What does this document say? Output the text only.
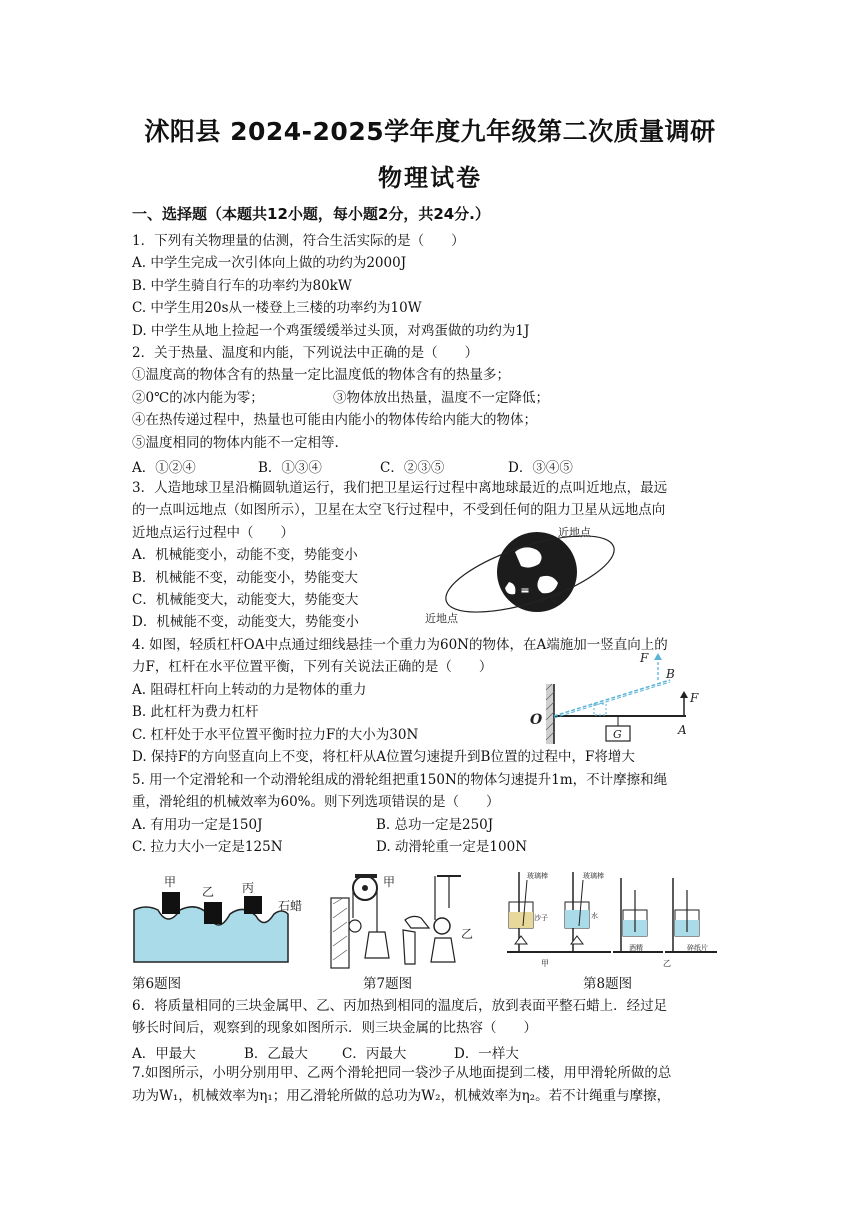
沭阳县 2024-2025学年度九年级第二次质量调研
物理试卷
一、选择题（本题共12小题，每小题2分，共24分.）
1．下列有关物理量的估测，符合生活实际的是（　　）
A. 中学生完成一次引体向上做的功约为2000J
B. 中学生骑自行车的功率约为80kW
C. 中学生用20s从一楼登上三楼的功率约为10W
D. 中学生从地上捡起一个鸡蛋缓缓举过头顶，对鸡蛋做的功约为1J
2．关于热量、温度和内能，下列说法中正确的是（　　）
①温度高的物体含有的热量一定比温度低的物体含有的热量多；
②0℃的冰内能为零；	③物体放出热量，温度不一定降低；
④在热传递过程中，热量也可能由内能小的物体传给内能大的物体；
⑤温度相同的物体内能不一定相等.
A．①②④	B．①③④	C．②③⑤	D．③④⑤
3．人造地球卫星沿椭圆轨道运行，我们把卫星运行过程中离地球最近的点叫近地点，最远
的一点叫远地点（如图所示），卫星在太空飞行过程中，不受到任何的阻力卫星从远地点向
近地点运行过程中（　　）
A．机械能变小，动能不变，势能变小
B．机械能不变，动能变小，势能变大
C．机械能变大，动能变大，势能变大
D．机械能不变，动能变大，势能变小
近地点
近地点
卫星
4. 如图，轻质杠杆OA中点通过细线悬挂一个重力为60N的物体，在A端施加一竖直向上的
力F，杠杆在水平位置平衡，下列有关说法正确的是（　　）
A. 阻碍杠杆向上转动的力是物体的重力
B. 此杠杆为费力杠杆
C. 杠杆处于水平位置平衡时拉力F的大小为30N
D. 保持F的方向竖直向上不变，将杠杆从A位置匀速提升到B位置的过程中，F将增大
G
O
A
B
F
F
5. 用一个定滑轮和一个动滑轮组成的滑轮组把重150N的物体匀速提升1m，不计摩擦和绳
重，滑轮组的机械效率为60%。则下列选项错误的是（　　）
A. 有用功一定是150J	B. 总功一定是250J
C. 拉力大小一定是125N	D. 动滑轮重一定是100N
甲
乙 丙
石蜡
甲
乙
玻璃棒
沙子
玻璃棒
水
酒精	碎纸片
甲	乙
第6题图	第7题图	第8题图
6．将质量相同的三块金属甲、乙、丙加热到相同的温度后，放到表面平整石蜡上．经过足
够长时间后，观察到的现象如图所示．则三块金属的比热容（　　）
A．甲最大	B．乙最大	C．丙最大	D．一样大
7.如图所示，小明分别用甲、乙两个滑轮把同一袋沙子从地面提到二楼，用甲滑轮所做的总
功为W₁，机械效率为η₁；用乙滑轮所做的总功为W₂，机械效率为η₂。若不计绳重与摩擦，
